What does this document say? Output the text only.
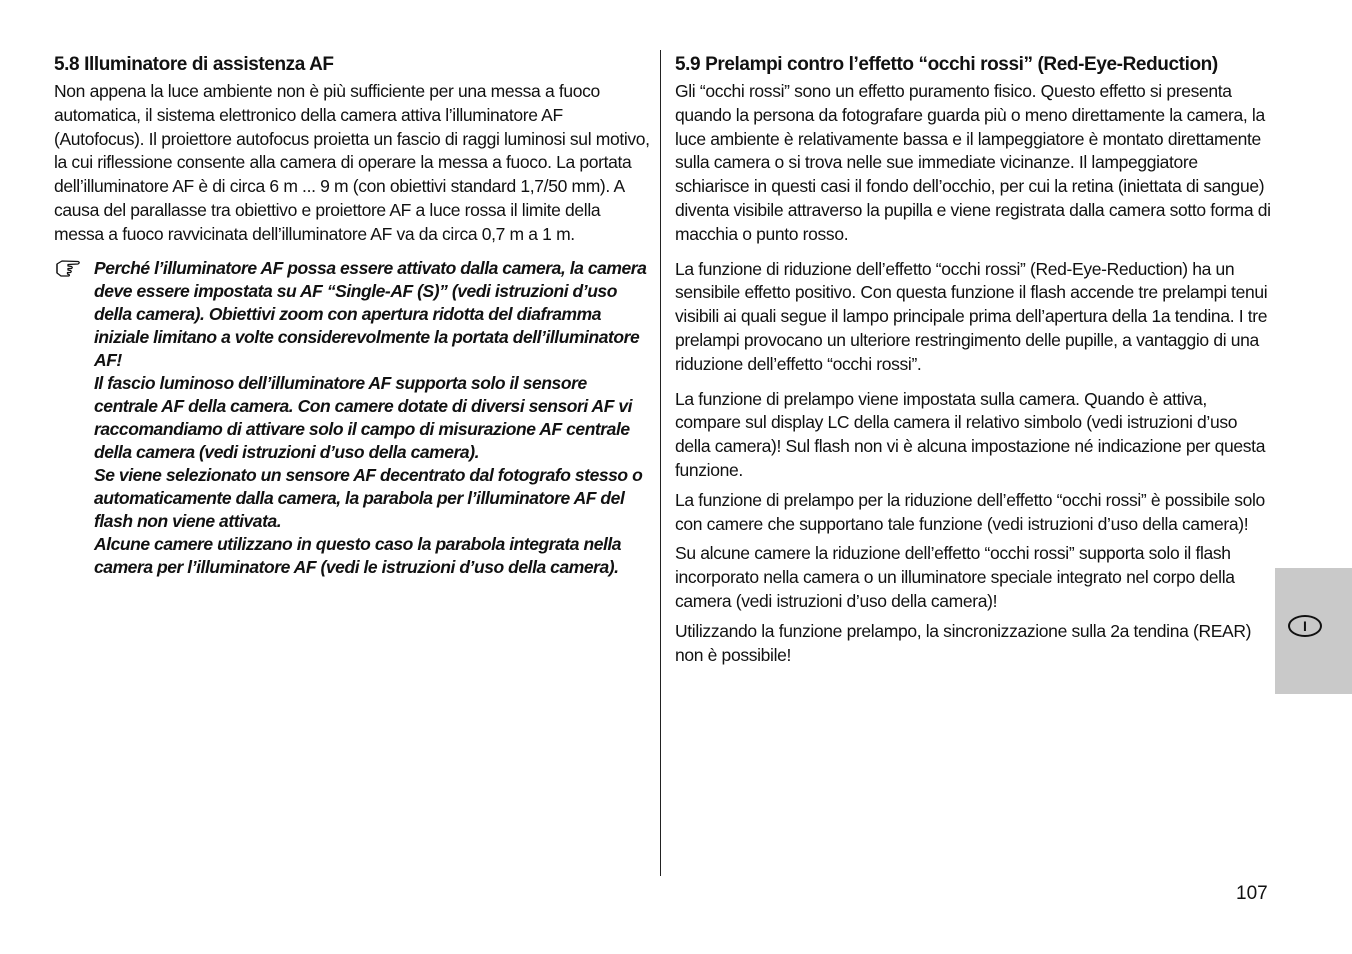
5.8 Illuminatore di assistenza AF

Non appena la luce ambiente non è più sufficiente per una messa a fuoco automatica, il sistema elettronico della camera attiva l’illuminatore AF (Autofocus). Il proiettore autofocus proietta un fascio di raggi luminosi sul motivo, la cui riflessione consente alla camera di operare la messa a fuoco. La portata dell’illuminatore AF è di circa 6 m ... 9 m (con obiettivi standard 1,7/50 mm). A causa del parallasse tra obiettivo e proiettore AF a luce rossa il limite della messa a fuoco ravvicinata dell’illuminatore AF va da circa 0,7 m a 1 m.

Perché l’illuminatore AF possa essere attivato dalla camera, la camera deve essere impostata su AF “Single-AF (S)” (vedi istruzioni d’uso della camera). Obiettivi zoom con apertura ridotta del diaframma iniziale limitano a volte considerevolmente la portata dell’illuminatore AF!

Il fascio luminoso dell’illuminatore AF supporta solo il sensore centrale AF della camera. Con camere dotate di diversi sensori AF vi raccomandiamo di attivare solo il campo di misurazione AF centrale della camera (vedi istruzioni d’uso della camera).

Se viene selezionato un sensore AF decentrato dal fotografo stesso o automaticamente dalla camera, la parabola per l’illuminatore AF del flash non viene attivata.

Alcune camere utilizzano in questo caso la parabola integrata nella camera per l’illuminatore AF (vedi le istruzioni d’uso della camera).

5.9 Prelampi contro l’effetto “occhi rossi” (Red-Eye-Reduction)

Gli “occhi rossi” sono un effetto puramento fisico. Questo effetto si presenta quando la persona da fotografare guarda più o meno direttamente la camera, la luce ambiente è relativamente bassa e il lampeggiatore è montato direttamente sulla camera o si trova nelle sue immediate vicinanze. Il lampeggiatore schiarisce in questi casi il fondo dell’occhio, per cui la retina (iniettata di sangue) diventa visibile attraverso la pupilla e viene registrata dalla camera sotto forma di macchia o punto rosso.

La funzione di riduzione dell’effetto “occhi rossi” (Red-Eye-Reduction) ha un sensibile effetto positivo. Con questa funzione il flash accende tre prelampi tenui visibili ai quali segue il lampo principale prima dell’apertura della 1a tendina. I tre prelampi provocano un ulteriore restringimento delle pupille, a vantaggio di una riduzione dell’effetto “occhi rossi”.

La funzione di prelampo viene impostata sulla camera. Quando è attiva, compare sul display LC della camera il relativo simbolo (vedi istruzioni d’uso della camera)! Sul flash non vi è alcuna impostazione né indicazione per questa funzione.

La funzione di prelampo per la riduzione dell’effetto “occhi rossi” è possibile solo con camere che supportano tale funzione (vedi istruzioni d’uso della camera)!

Su alcune camere la riduzione dell’effetto “occhi rossi” supporta solo il flash incorporato nella camera o un illuminatore speciale integrato nel corpo della camera (vedi istruzioni d’uso della camera)!

Utilizzando la funzione prelampo, la sincronizzazione sulla 2a tendina (REAR) non è possibile!

I
107
